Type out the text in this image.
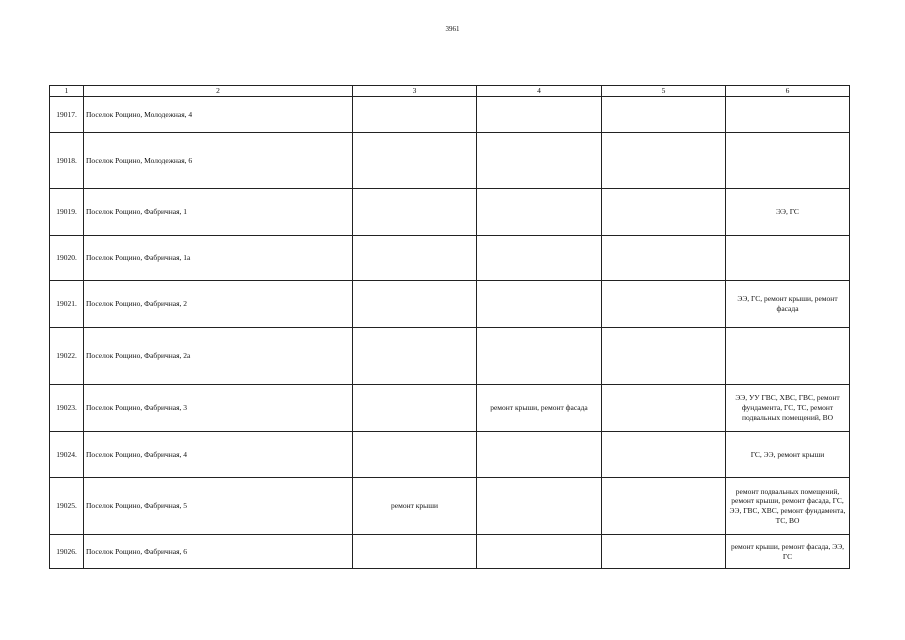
3961
1	2	3	4	5	6
19017.	Поселок Рощино, Молодежная, 4				
19018.	Поселок Рощино, Молодежная, 6				
19019.	Поселок Рощино, Фабричная, 1				ЭЭ, ГС
19020.	Поселок Рощино, Фабричная, 1а				
19021.	Поселок Рощино, Фабричная, 2				ЭЭ, ГС, ремонт крыши, ремонт фасада
19022.	Поселок Рощино, Фабричная, 2а				
19023.	Поселок Рощино, Фабричная, 3		ремонт крыши, ремонт фасада		ЭЭ, УУ ГВС, ХВС, ГВС, ремонт фундамента, ГС, ТС, ремонт подвальных помещений, ВО
19024.	Поселок Рощино, Фабричная, 4				ГС, ЭЭ, ремонт крыши
19025.	Поселок Рощино, Фабричная, 5	ремонт крыши			ремонт подвальных помещений, ремонт крыши, ремонт фасада, ГС, ЭЭ, ГВС, ХВС, ремонт фундамента, ТС, ВО
19026.	Поселок Рощино, Фабричная, 6				ремонт крыши, ремонт фасада, ЭЭ, ГС
